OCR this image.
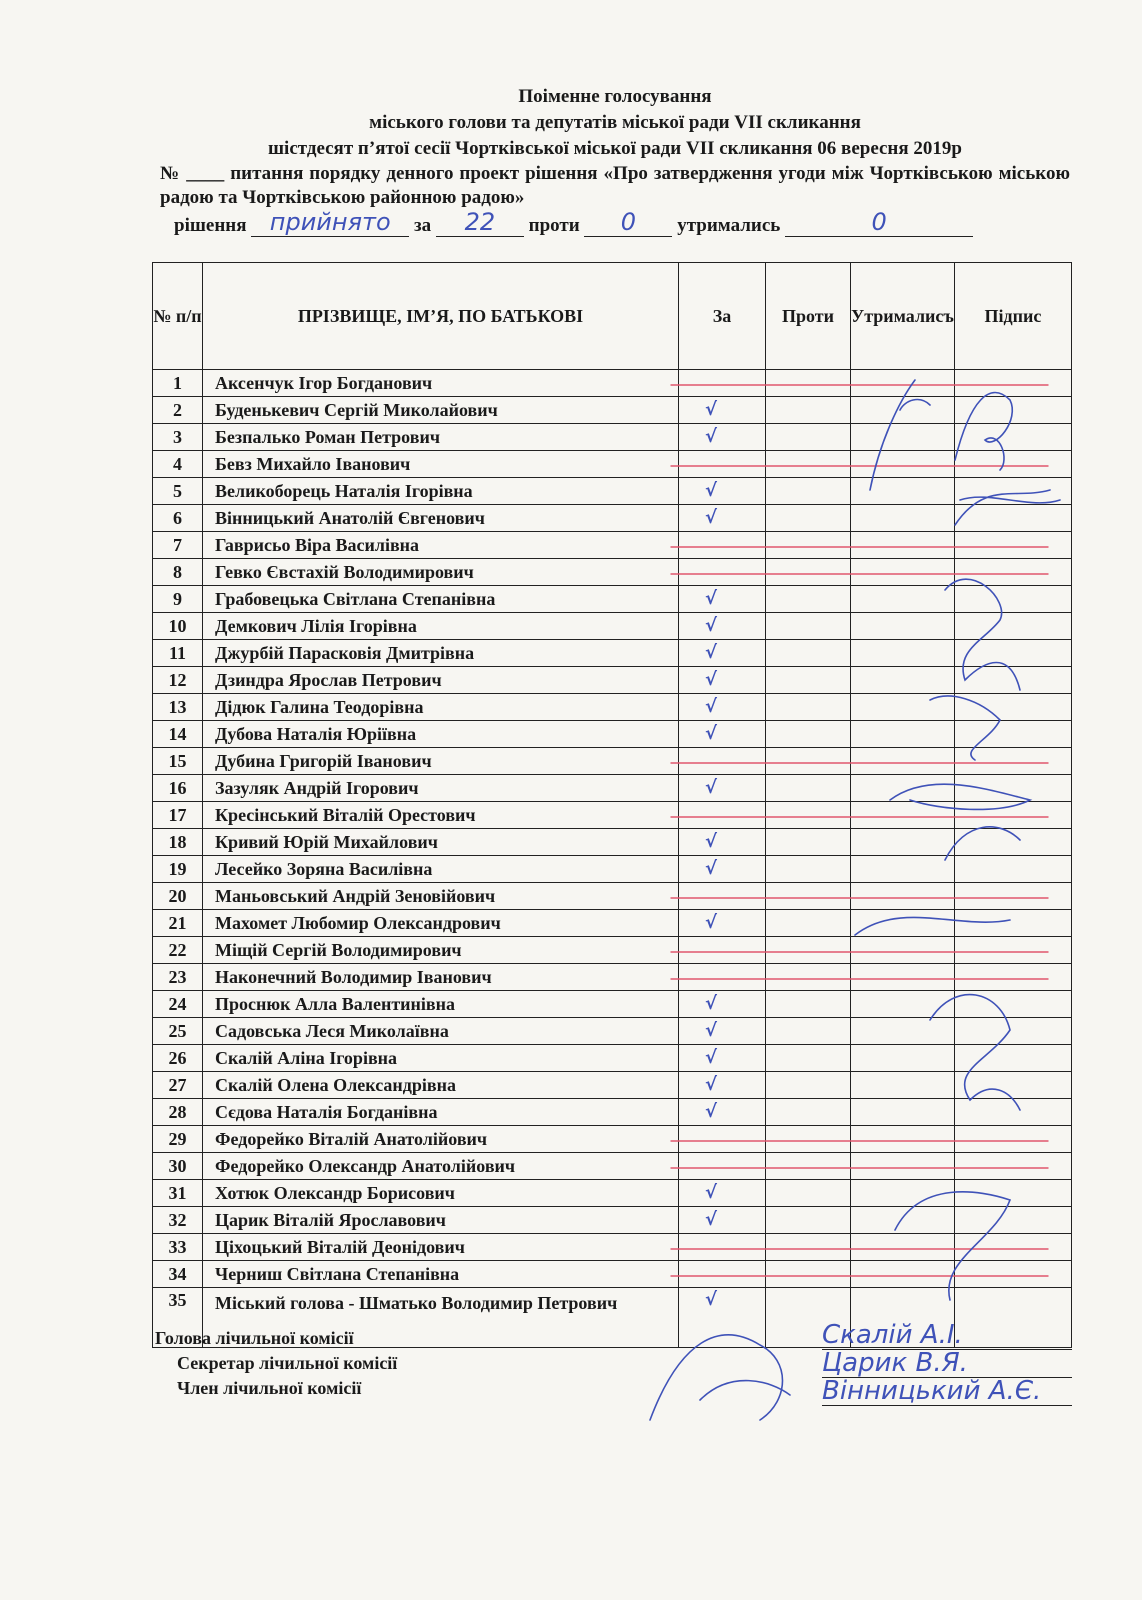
Поіменне голосування
міського голови та депутатів міської ради VII скликання
шістдесят п’ятої сесії Чортківської міської ради VII скликання 06 вересня 2019р
№ ____ питання порядку денного проект рішення «Про затвердження угоди між Чортківською міською радою та Чортківською районною радою»
рішення прийнято	за	22	проти	0	утримались	0
№ п/п	ПРІЗВИЩЕ, ІМ’Я, ПО БАТЬКОВІ	За	Проти	Утрималисъ	Підпис
1	Аксенчук Ігор Богданович				
2	Буденькевич Сергій Миколайович	√			
3	Безпалько Роман Петрович	√			
4	Бевз Михайло Іванович				
5	Великоборець Наталія Ігорівна	√			
6	Вінницький Анатолій Євгенович	√			
7	Гаврисьо Віра Василівна				
8	Гевко Євстахій Володимирович				
9	Грабовецька Світлана Степанівна	√			
10	Демкович Лілія Ігорівна	√			
11	Джурбій Парасковія Дмитрівна	√			
12	Дзиндра Ярослав Петрович	√			
13	Дідюк Галина Теодорівна	√			
14	Дубова Наталія Юріївна	√			
15	Дубина Григорій Іванович				
16	Зазуляк Андрій Ігорович	√			
17	Кресінський Віталій Орестович				
18	Кривий Юрій Михайлович	√			
19	Лесейко Зоряна Василівна	√			
20	Маньовський Андрій Зеновійович				
21	Махомет Любомир Олександрович	√			
22	Міщій Сергій Володимирович				
23	Наконечний Володимир Іванович				
24	Проснюк Алла Валентинівна	√			
25	Садовська Леся Миколаївна	√			
26	Скалій Аліна Ігорівна	√			
27	Скалій Олена Олександрівна	√			
28	Сєдова Наталія Богданівна	√			
29	Федорейко Віталій Анатолійович				
30	Федорейко Олександр Анатолійович				
31	Хотюк Олександр Борисович	√			
32	Царик Віталій Ярославович	√			
33	Ціхоцький Віталій Деонідович				
34	Черниш Світлана Степанівна				
35	Міський голова - Шматько Володимир Петрович	√			
Голова лічильної комісії
Секретар лічильної комісії
Член лічильної комісії
Скалій А.І.
Царик В.Я.
Вінницький А.Є.
